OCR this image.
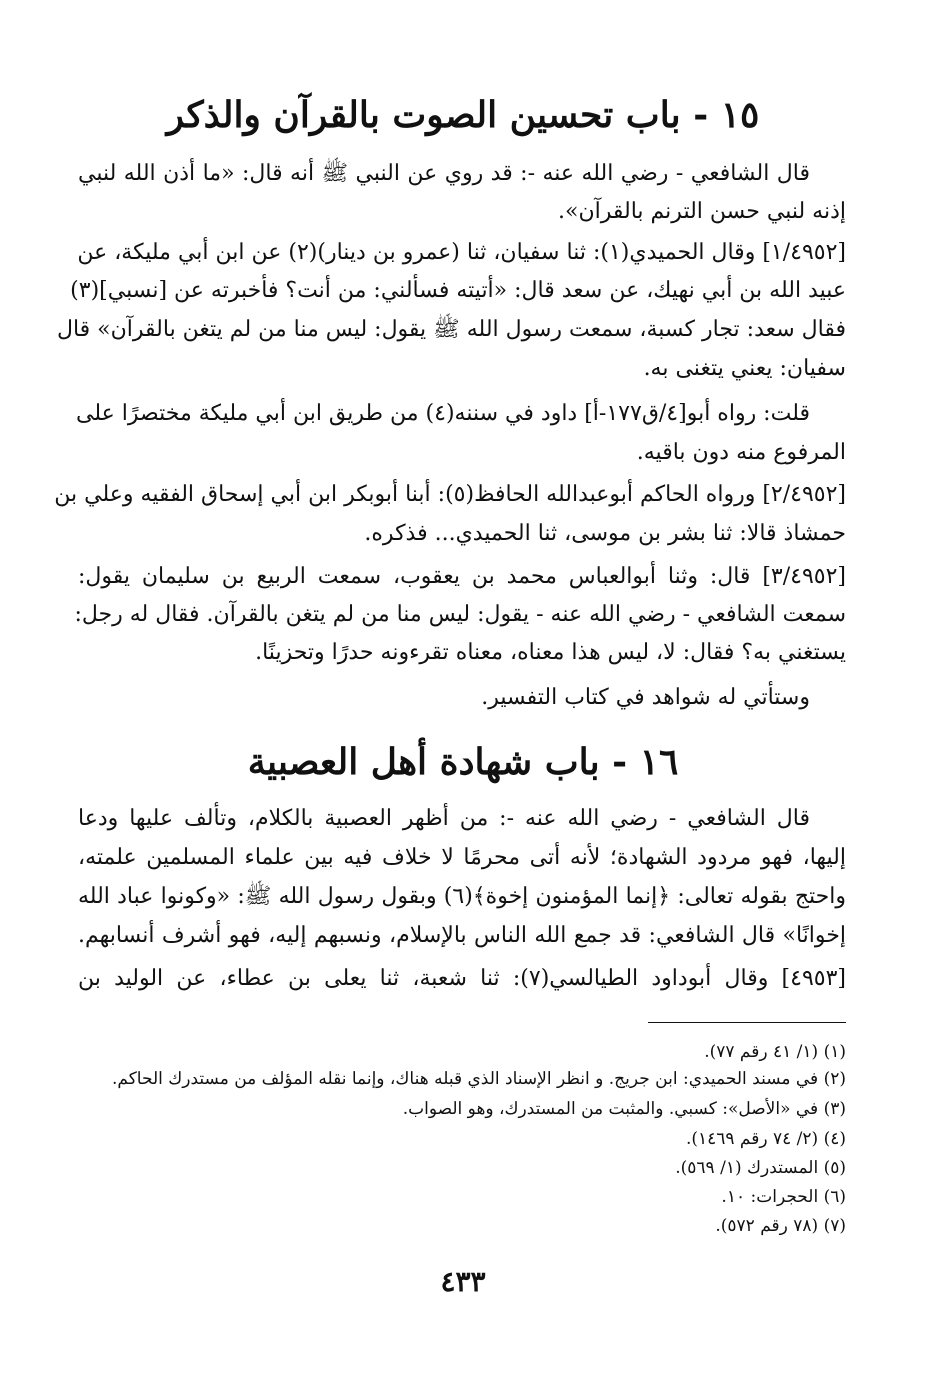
١٥ - باب تحسين الصوت بالقرآن والذكر
قال الشافعي - رضي الله عنه -: قد روي عن النبي ﷺ أنه قال: «ما أذن الله لنبي
إذنه لنبي حسن الترنم بالقرآن».
[١/٤٩٥٢] وقال الحميدي(١): ثنا سفيان، ثنا (عمرو بن دينار)(٢) عن ابن أبي مليكة، عن
عبيد الله بن أبي نهيك، عن سعد قال: «أتيته فسألني: من أنت؟ فأخبرته عن [نسبي](٣)
فقال سعد: تجار كسبة، سمعت رسول الله ﷺ يقول: ليس منا من لم يتغن بالقرآن» قال
سفيان: يعني يتغنى به.
قلت: رواه أبو[٤/ق١٧٧-أ] داود في سننه(٤) من طريق ابن أبي مليكة مختصرًا على
المرفوع منه دون باقيه.
[٢/٤٩٥٢] ورواه الحاكم أبوعبدالله الحافظ(٥): أبنا أبوبكر ابن أبي إسحاق الفقيه وعلي بن
حمشاذ قالا: ثنا بشر بن موسى، ثنا الحميدي... فذكره.
[٣/٤٩٥٢] قال: وثنا أبوالعباس محمد بن يعقوب، سمعت الربيع بن سليمان يقول:
سمعت الشافعي - رضي الله عنه - يقول: ليس منا من لم يتغن بالقرآن. فقال له رجل:
يستغني به؟ فقال: لا، ليس هذا معناه، معناه تقرءونه حدرًا وتحزينًا.
وستأتي له شواهد في كتاب التفسير.
١٦ - باب شهادة أهل العصبية
قال الشافعي - رضي الله عنه -: من أظهر العصبية بالكلام، وتألف عليها ودعا
إليها، فهو مردود الشهادة؛ لأنه أتى محرمًا لا خلاف فيه بين علماء المسلمين علمته،
واحتج بقوله تعالى: ﴿إنما المؤمنون إخوة﴾(٦) وبقول رسول الله ﷺ: «وكونوا عباد الله
إخوانًا» قال الشافعي: قد جمع الله الناس بالإسلام، ونسبهم إليه، فهو أشرف أنسابهم.
[٤٩٥٣] وقال أبوداود الطيالسي(٧): ثنا شعبة، ثنا يعلى بن عطاء، عن الوليد بن
(١) (١/ ٤١ رقم ٧٧).
(٢) في مسند الحميدي: ابن جريج. و انظر الإسناد الذي قبله هناك، وإنما نقله المؤلف من مستدرك الحاكم.
(٣) في «الأصل»: كسبي. والمثبت من المستدرك، وهو الصواب.
(٤) (٢/ ٧٤ رقم ١٤٦٩).
(٥) المستدرك (١/ ٥٦٩).
(٦) الحجرات: ١٠.
(٧) (٧٨ رقم ٥٧٢).
٤٣٣
